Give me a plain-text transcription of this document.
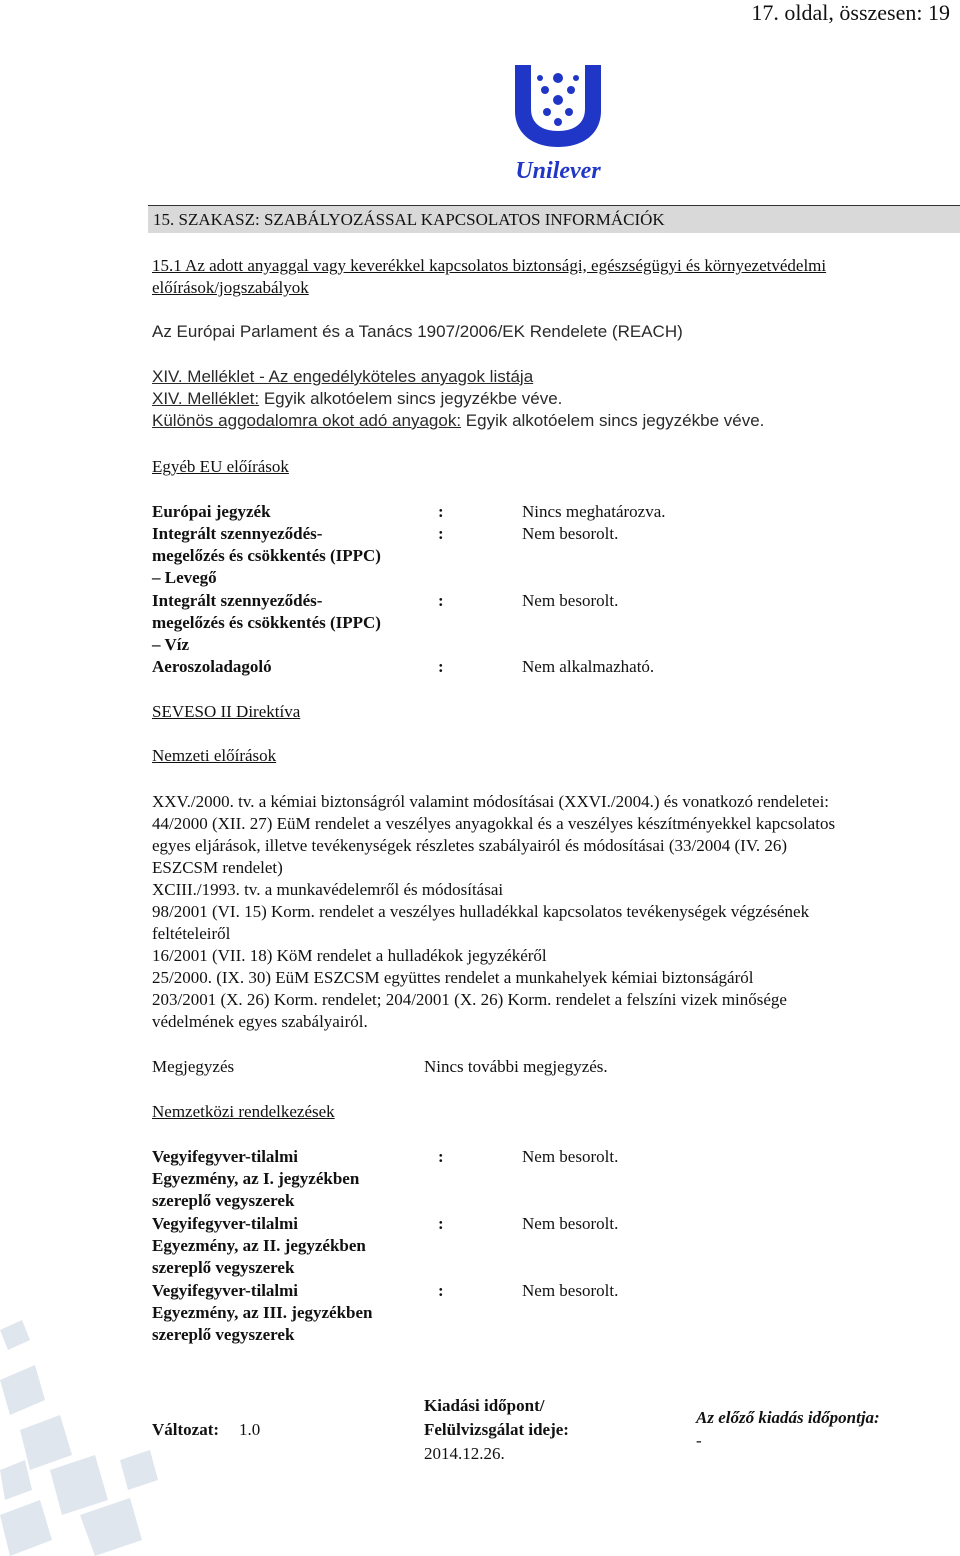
17. oldal, összesen: 19
Unilever
15. SZAKASZ: SZABÁLYOZÁSSAL KAPCSOLATOS INFORMÁCIÓK
15.1 Az adott anyaggal vagy keverékkel kapcsolatos biztonsági, egészségügyi és környezetvédelmi
előírások/jogszabályok
Az Európai Parlament és a Tanács 1907/2006/EK Rendelete (REACH)
XIV. Melléklet - Az engedélyköteles anyagok listája
XIV. Melléklet: Egyik alkotóelem sincs jegyzékbe véve.
Különös aggodalomra okot adó anyagok: Egyik alkotóelem sincs jegyzékbe véve.
Egyéb EU előírások
Európai jegyzék	:	Nincs meghatározva.
Integrált szennyeződés-
megelőzés és csökkentés (IPPC)
– Levegő
:	Nem besorolt.
Integrált szennyeződés-
megelőzés és csökkentés (IPPC)
– Víz
:	Nem besorolt.
Aeroszoladagoló	:	Nem alkalmazható.
SEVESO II Direktíva
Nemzeti előírások
XXV./2000. tv. a kémiai biztonságról valamint módosításai (XXVI./2004.) és vonatkozó rendeletei:
44/2000 (XII. 27) EüM rendelet a veszélyes anyagokkal és a veszélyes készítményekkel kapcsolatos
egyes eljárások, illetve tevékenységek részletes szabályairól és módosításai (33/2004 (IV. 26)
ESZCSM rendelet)
XCIII./1993. tv. a munkavédelemről és módosításai
98/2001 (VI. 15) Korm. rendelet a veszélyes hulladékkal kapcsolatos tevékenységek végzésének
feltételeiről
16/2001 (VII. 18) KöM rendelet a hulladékok jegyzékéről
25/2000. (IX. 30) EüM ESZCSM együttes rendelet a munkahelyek kémiai biztonságáról
203/2001 (X. 26) Korm. rendelet; 204/2001 (X. 26) Korm. rendelet a felszíni vizek minősége
védelmének egyes szabályairól.
Megjegyzés	Nincs további megjegyzés.
Nemzetközi rendelkezések
Vegyifegyver-tilalmi
Egyezmény, az I. jegyzékben
szereplő vegyszerek
:	Nem besorolt.
Vegyifegyver-tilalmi
Egyezmény, az II. jegyzékben
szereplő vegyszerek
:	Nem besorolt.
Vegyifegyver-tilalmi
Egyezmény, az III. jegyzékben
szereplő vegyszerek
:	Nem besorolt.
Változat: 1.0
Kiadási időpont/
Felülvizsgálat ideje:
2014.12.26.
Az előző kiadás időpontja:
-
